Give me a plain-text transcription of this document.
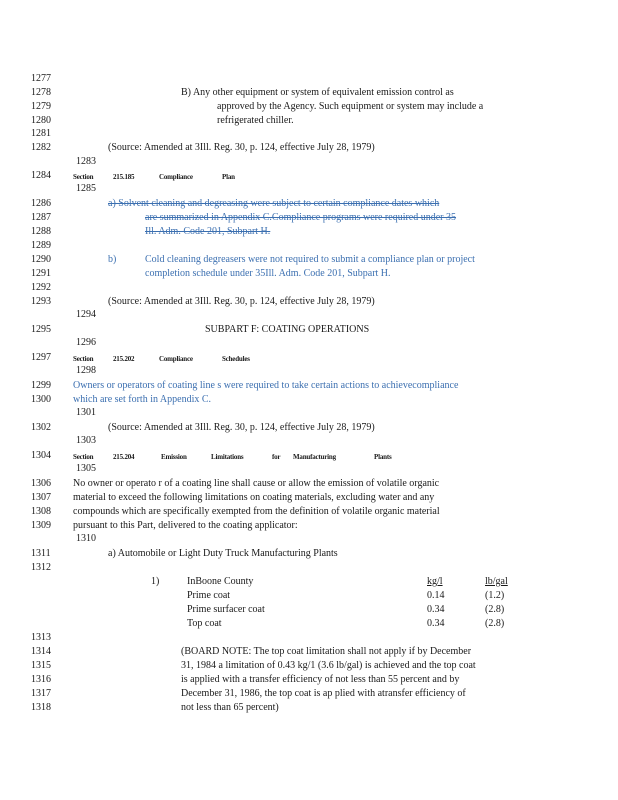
1277
1278
1279
1280
1281
1282
1283
1284
1285
1286
1287
1288
1289
1290
1291
1292
1293
1294
1295
1296
1297
1298
1299
1300
1301
1302
1303
1304
1305
1306
1307
1308
1309
1310
1311
1312
1313
1314
1315
1316
1317
1318
B) Any other equipment or system of equivalent emission control as
approved by the Agency. Such equipment or system may include a
refrigerated chiller.
(Source: Amended at 3Ill. Reg. 30, p. 124, effective July 28, 1979)
Section	215.185	Compliance	Plan
a) Solvent cleaning and degreasing were subject to certain compliance dates which
are summarized in Appendix C.Compliance programs were required under 35
Ill. Adm. Code 201, Subpart H.
b)	Cold cleaning degreasers were not required to submit a compliance plan or project
completion schedule under 35Ill. Adm. Code 201, Subpart H.
(Source: Amended at 3Ill. Reg. 30, p. 124, effective July 28, 1979)
SUBPART F: COATING OPERATIONS
Section	215.202	Compliance	Schedules
Owners or operators of coating line s were required to take certain actions to achievecompliance
which are set forth in Appendix C.
(Source: Amended at 3Ill. Reg. 30, p. 124, effective July 28, 1979)
Section	215.204	Emission	Limitations	for Manufacturing	Plants
No owner or operato r of a coating line shall cause or allow the emission of volatile organic
material to exceed the following limitations on coating materials, excluding water and any
compounds which are specifically exempted from the definition of volatile organic material
pursuant to this Part, delivered to the coating applicator:
a) Automobile or Light Duty Truck Manufacturing Plants
1)	InBoone County	kg/l	lb/gal
Prime coat	0.14	(1.2)
Prime surfacer coat	0.34	(2.8)
Top coat	0.34	(2.8)
(BOARD NOTE: The top coat limitation shall not apply if by December
31, 1984 a limitation of 0.43 kg/1 (3.6 lb/gal) is achieved and the top coat
is applied with a transfer efficiency of not less than 55 percent and by
December 31, 1986, the top coat is ap plied with atransfer efficiency of
not less than 65 percent)
